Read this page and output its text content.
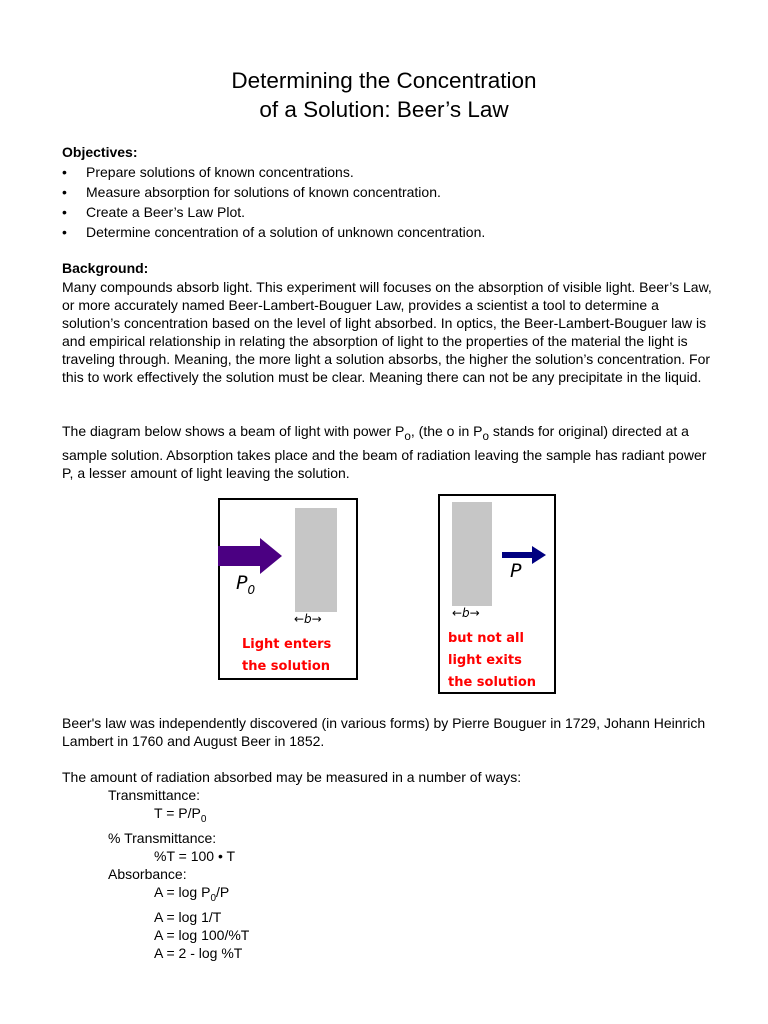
Determining the Concentration
of a Solution: Beer’s Law

Objectives:

• Prepare solutions of known concentrations.
• Measure absorption for solutions of known concentration.
• Create a Beer’s Law Plot.
• Determine concentration of a solution of unknown concentration.

Background:

Many compounds absorb light. This experiment will focuses on the absorption of visible light. Beer’s Law, or more accurately named Beer-Lambert-Bouguer Law, provides a scientist a tool to determine a solution’s concentration based on the level of light absorbed. In optics, the Beer-Lambert-Bouguer law is and empirical relationship in relating the absorption of light to the properties of the material the light is traveling through. Meaning, the more light a solution absorbs, the higher the solution’s concentration. For this to work effectively the solution must be clear. Meaning there can not be any precipitate in the liquid.

The diagram below shows a beam of light with power $P_o$, (the o in $P_o$ stands for original) directed at a sample solution. Absorption takes place and the beam of radiation leaving the sample has radiant power P, a lesser amount of light leaving the solution.

$P_0$
←b→
Light enters
the solution
P
←b→
but not all
light exits
the solution

Beer's law was independently discovered (in various forms) by Pierre Bouguer in 1729, Johann Heinrich Lambert in 1760 and August Beer in 1852.

The amount of radiation absorbed may be measured in a number of ways:

Transmittance:

$T = P/P_0$

% Transmittance:

%T = 100 • T

Absorbance:

$A = \log P_0/P$

A = log 1/T

A = log 100/%T

A = 2 - log %T
